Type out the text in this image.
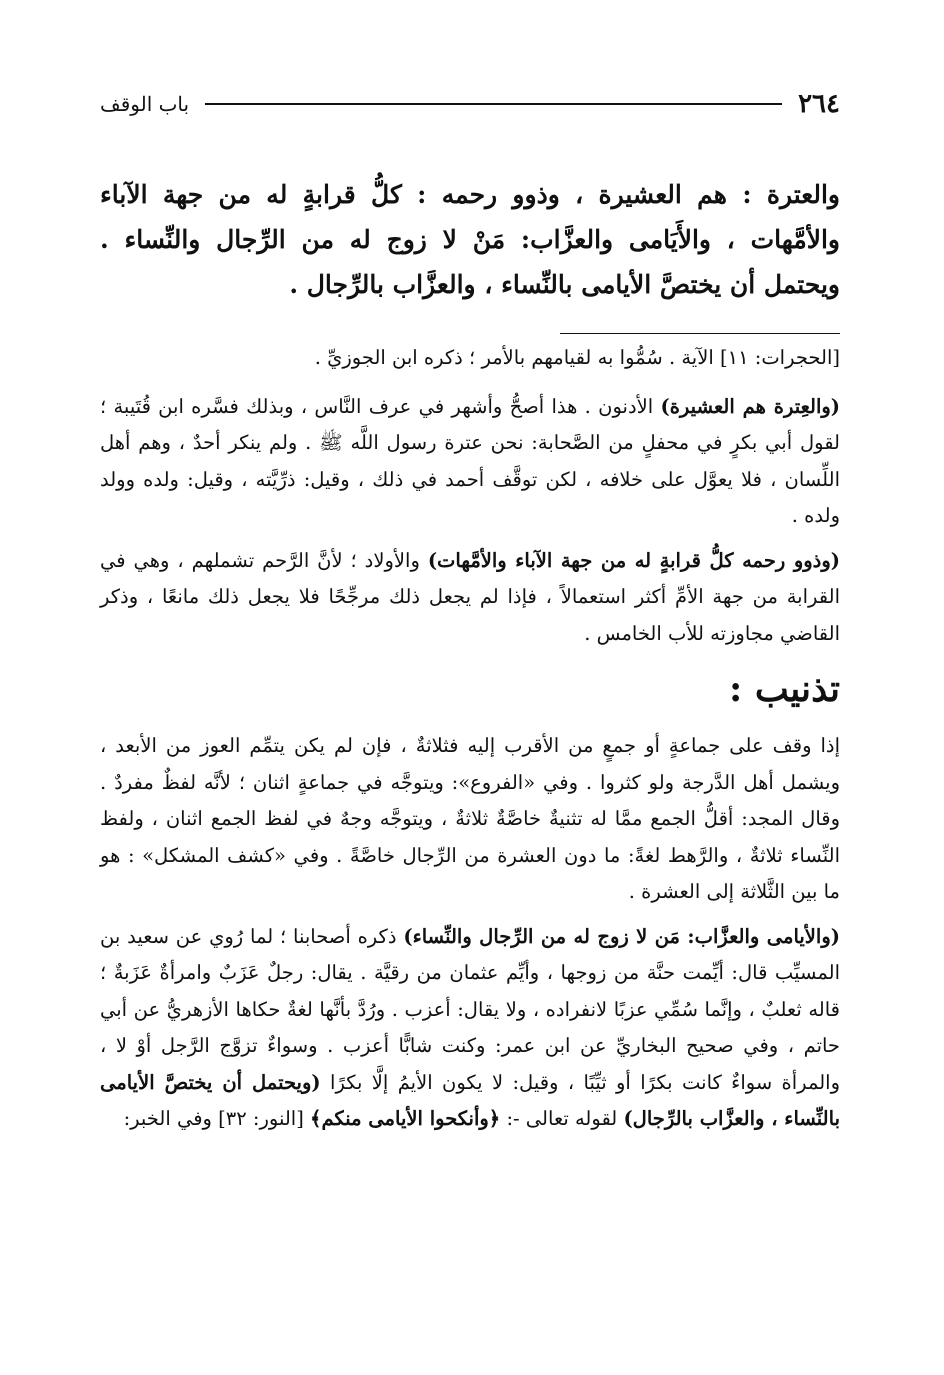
٢٦٤
باب الوقف

والعترة : هم العشيرة ، وذوو رحمه : كلُّ قرابةٍ له من جهة الآباء والأمَّهات ، والأَيَامى والعزَّاب: مَنْ لا زوج له من الرِّجال والنِّساء . ويحتمل أن يختصَّ الأيامى بالنِّساء ، والعزَّاب بالرِّجال .

[الحجرات: ١١] الآية . سُمُّوا به لقيامهم بالأمر ؛ ذكره ابن الجوزيِّ .

(والعِترة هم العشيرة) الأدنون . هذا أصحُّ وأشهر في عرف النَّاس ، وبذلك فسَّره ابن قُتَيبة ؛ لقول أبي بكرٍ في محفلٍ من الصَّحابة: نحن عترة رسول اللَّه ﷺ . ولم ينكر أحدٌ ، وهم أهل اللِّسان ، فلا يعوَّل على خلافه ، لكن توقَّف أحمد في ذلك ، وقيل: ذرِّيَّته ، وقيل: ولده وولد ولده .

(وذوو رحمه كلُّ قرابةٍ له من جهة الآباء والأمَّهات) والأولاد ؛ لأنَّ الرَّحم تشملهم ، وهي في القرابة من جهة الأمِّ أكثر استعمالاً ، فإذا لم يجعل ذلك مرجِّحًا فلا يجعل ذلك مانعًا ، وذكر القاضي مجاوزته للأب الخامس .

تذنيب :

إذا وقف على جماعةٍ أو جمعٍ من الأقرب إليه فثلاثةٌ ، فإن لم يكن يتمِّم العوز من الأبعد ، ويشمل أهل الدَّرجة ولو كثروا . وفي «الفروع»: ويتوجَّه في جماعةٍ اثنان ؛ لأنَّه لفظٌ مفردٌ . وقال المجد: أقلُّ الجمع ممَّا له تثنيةٌ خاصَّةٌ ثلاثةٌ ، ويتوجَّه وجهٌ في لفظ الجمع اثنان ، ولفظ النِّساء ثلاثةٌ ، والرَّهط لغةً: ما دون العشرة من الرِّجال خاصَّةً . وفي «كشف المشكل» : هو ما بين الثَّلاثة إلى العشرة .

(والأيامى والعزَّاب: مَن لا زوج له من الرِّجال والنِّساء) ذكره أصحابنا ؛ لما رُوي عن سعيد بن المسيِّب قال: أيِّمت حنَّة من زوجها ، وأيِّم عثمان من رقيَّة . يقال: رجلٌ عَزَبٌ وامرأةٌ عَزَبةٌ ؛ قاله ثعلبٌ ، وإنَّما سُمِّي عزبًا لانفراده ، ولا يقال: أعزب . ورُدَّ بأنَّها لغةٌ حكاها الأزهريُّ عن أبي حاتم ، وفي صحيح البخاريِّ عن ابن عمر: وكنت شابًّا أعزب . وسواءٌ تزوَّج الرَّجل أوْ لا ، والمرأة سواءٌ كانت بكرًا أو ثيِّبًا ، وقيل: لا يكون الأيمُ إلَّا بكرًا (ويحتمل أن يختصَّ الأيامى بالنِّساء ، والعزَّاب بالرِّجال) لقوله تعالى -: ﴿وأنكحوا الأيامى منكم﴾ [النور: ٣٢] وفي الخبر:
